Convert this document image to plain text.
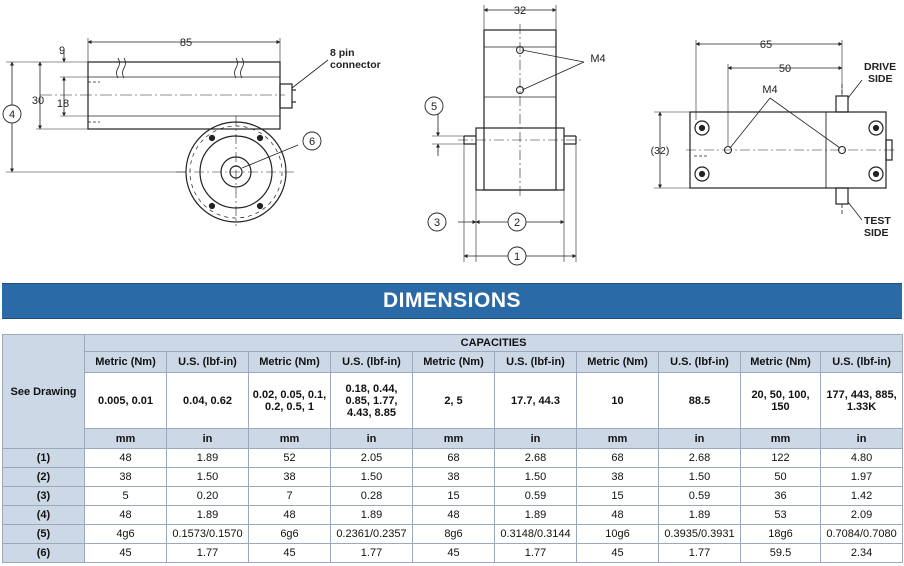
85
9
30 18
4
6
8 pin
connector
32
M4
5
3	2
1
65
50
(32)
M4
DRIVE
SIDE
TEST
SIDE
DIMENSIONS
See Drawing	CAPACITIES									
	Metric (Nm)	U.S. (lbf-in)	Metric (Nm)	U.S. (lbf-in)	Metric (Nm)	U.S. (lbf-in)	Metric (Nm)	U.S. (lbf-in)	Metric (Nm)	U.S. (lbf-in)
	0.005, 0.01	0.04, 0.62	0.02, 0.05, 0.1, 0.2, 0.5, 1	0.18, 0.44, 0.85, 1.77, 4.43, 8.85	2, 5	17.7, 44.3	10	88.5	20, 50, 100, 150	177, 443, 885, 1.33K
	mm	in	mm	in	mm	in	mm	in	mm	in
(1)	48	1.89	52	2.05	68	2.68	68	2.68	122	4.80
(2)	38	1.50	38	1.50	38	1.50	38	1.50	50	1.97
(3)	5	0.20	7	0.28	15	0.59	15	0.59	36	1.42
(4)	48	1.89	48	1.89	48	1.89	48	1.89	53	2.09
(5)	4g6	0.1573/0.1570	6g6	0.2361/0.2357	8g6	0.3148/0.3144	10g6	0.3935/0.3931	18g6	0.7084/0.7080
(6)	45	1.77	45	1.77	45	1.77	45	1.77	59.5	2.34
